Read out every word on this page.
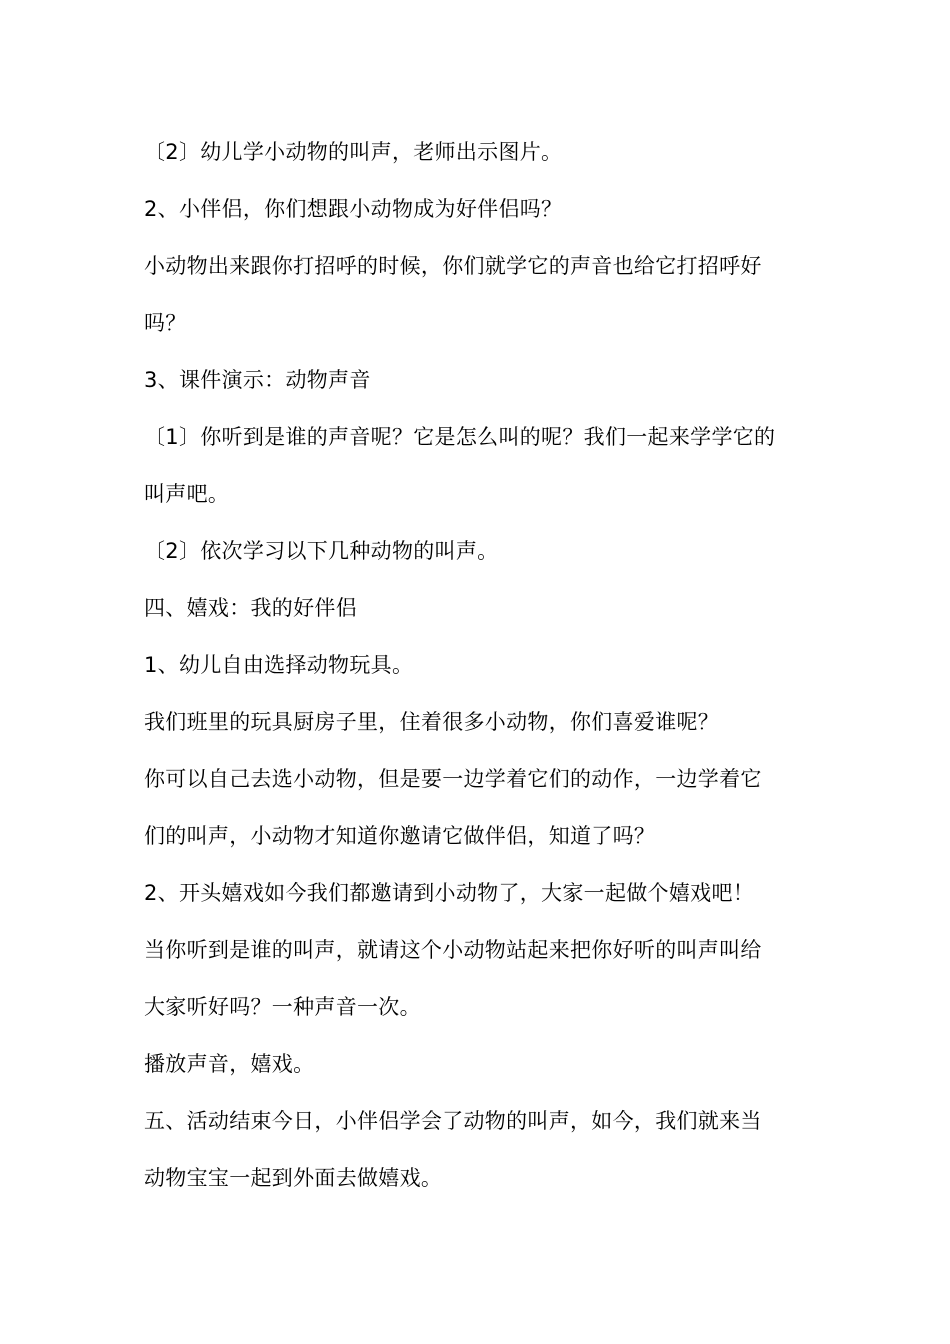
〔2〕幼儿学小动物的叫声，老师出示图片。
2、小伴侣，你们想跟小动物成为好伴侣吗？
小动物出来跟你打招呼的时候，你们就学它的声音也给它打招呼好
吗？
3、课件演示：动物声音
〔1〕你听到是谁的声音呢？它是怎么叫的呢？我们一起来学学它的
叫声吧。
〔2〕依次学习以下几种动物的叫声。
四、嬉戏：我的好伴侣
1、幼儿自由选择动物玩具。
我们班里的玩具厨房子里，住着很多小动物，你们喜爱谁呢？
你可以自己去选小动物，但是要一边学着它们的动作，一边学着它
们的叫声，小动物才知道你邀请它做伴侣，知道了吗？
2、开头嬉戏如今我们都邀请到小动物了，大家一起做个嬉戏吧！
当你听到是谁的叫声，就请这个小动物站起来把你好听的叫声叫给
大家听好吗？一种声音一次。
播放声音，嬉戏。
五、活动结束今日，小伴侣学会了动物的叫声，如今，我们就来当
动物宝宝一起到外面去做嬉戏。
